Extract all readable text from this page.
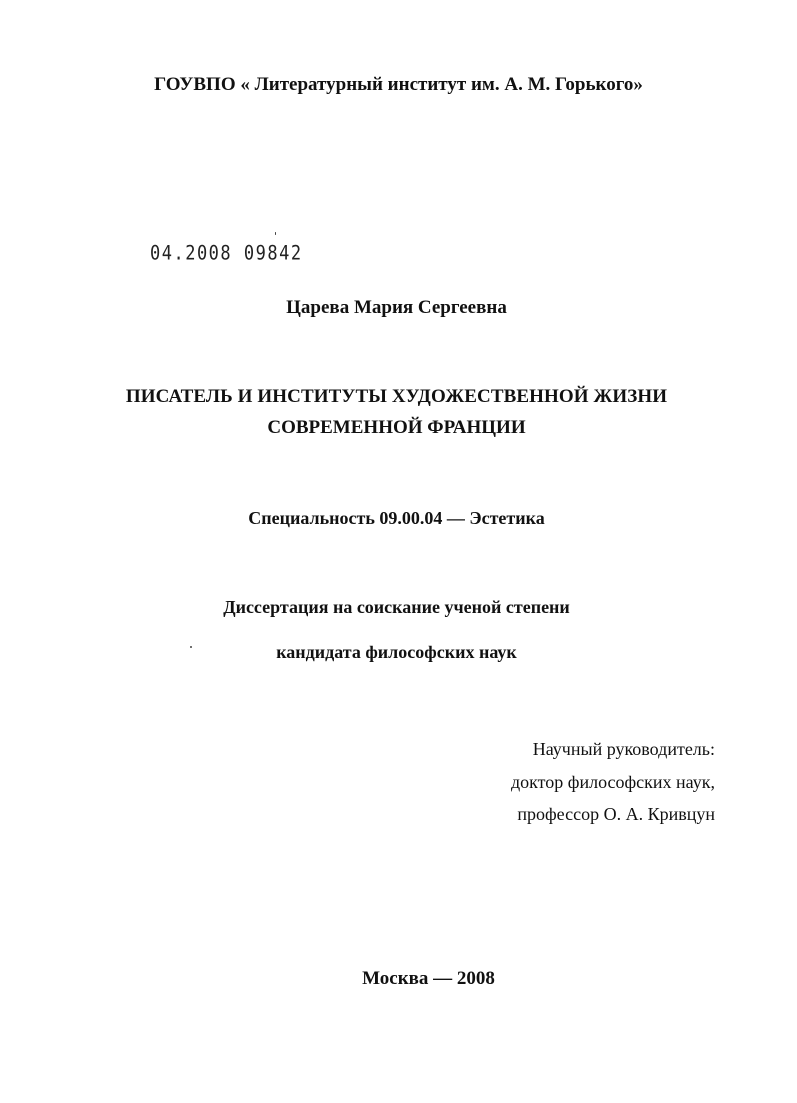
ГОУВПО « Литературный институт им. А. М. Горького»
04.2008 09842
Царева Мария Сергеевна
ПИСАТЕЛЬ И ИНСТИТУТЫ ХУДОЖЕСТВЕННОЙ ЖИЗНИ
СОВРЕМЕННОЙ ФРАНЦИИ
Специальность 09.00.04 — Эстетика
Диссертация на соискание ученой степени
кандидата философских наук
Научный руководитель:
доктор философских наук,
профессор О. А. Кривцун
Москва — 2008
